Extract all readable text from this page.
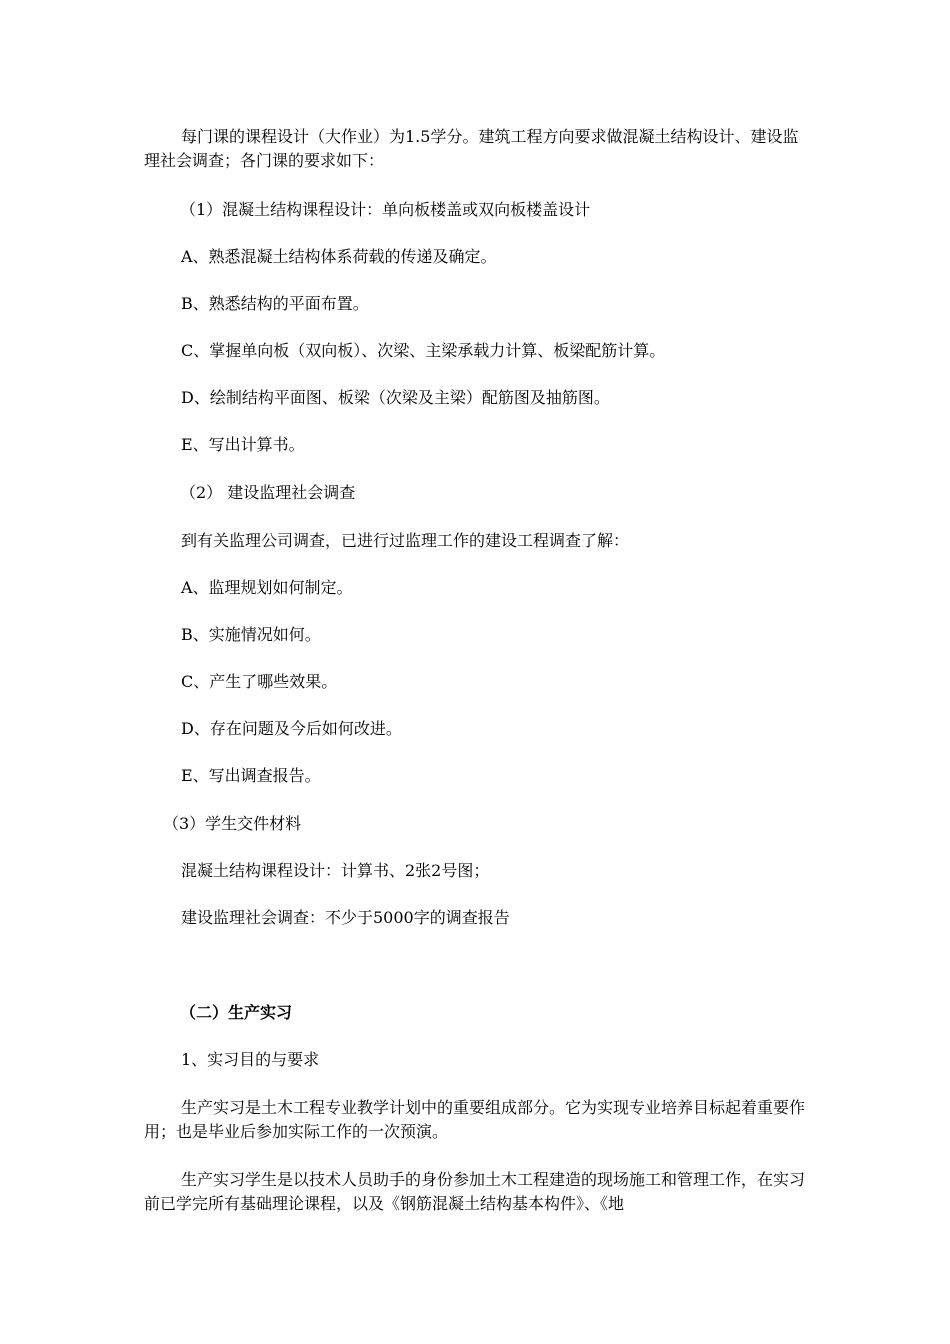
每门课的课程设计（大作业）为1.5学分。建筑工程方向要求做混凝土结构设计、建设监理社会调查；各门课的要求如下：

（1）混凝土结构课程设计：单向板楼盖或双向板楼盖设计

A、熟悉混凝土结构体系荷载的传递及确定。

B、熟悉结构的平面布置。

C、掌握单向板（双向板）、次梁、主梁承载力计算、板梁配筋计算。

D、绘制结构平面图、板梁（次梁及主梁）配筋图及抽筋图。

E、写出计算书。

（2） 建设监理社会调查

到有关监理公司调查，已进行过监理工作的建设工程调查了解：

A、监理规划如何制定。

B、实施情况如何。

C、产生了哪些效果。

D、存在问题及今后如何改进。

E、写出调查报告。

（3）学生交件材料

混凝土结构课程设计：计算书、2张2号图；

建设监理社会调查：不少于5000字的调查报告

（二）生产实习

1、实习目的与要求

生产实习是土木工程专业教学计划中的重要组成部分。它为实现专业培养目标起着重要作用；也是毕业后参加实际工作的一次预演。

生产实习学生是以技术人员助手的身份参加土木工程建造的现场施工和管理工作，在实习前已学完所有基础理论课程，以及《钢筋混凝土结构基本构件》、《地
